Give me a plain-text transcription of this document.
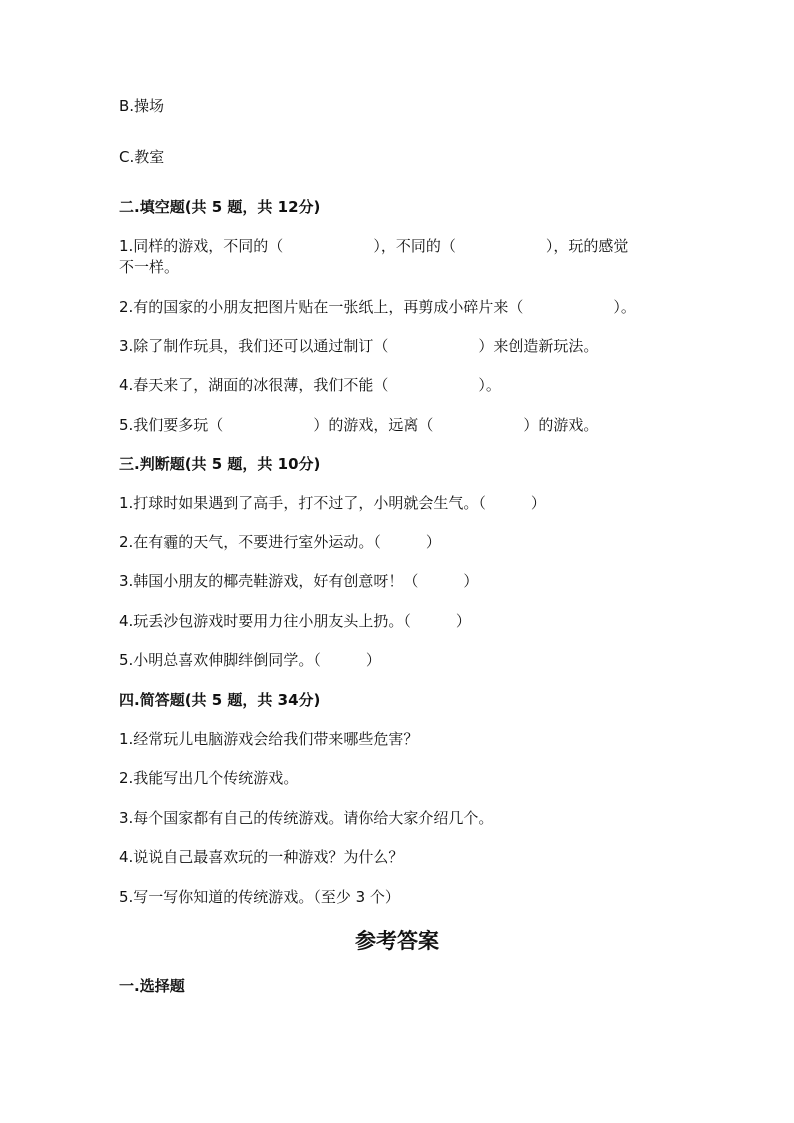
B.操场
C.教室
二.填空题(共 5 题，共 12分)
1.同样的游戏，不同的（　　　　　　），不同的（　　　　　　），玩的感觉
不一样。
2.有的国家的小朋友把图片贴在一张纸上，再剪成小碎片来（　　　　　　）。
3.除了制作玩具，我们还可以通过制订（　　　　　　）来创造新玩法。
4.春天来了，湖面的冰很薄，我们不能（　　　　　　）。
5.我们要多玩（　　　　　　）的游戏，远离（　　　　　　）的游戏。
三.判断题(共 5 题，共 10分)
1.打球时如果遇到了高手，打不过了，小明就会生气。（　　　）
2.在有霾的天气，不要进行室外运动。（　　　）
3.韩国小朋友的椰壳鞋游戏，好有创意呀！（　　　）
4.玩丢沙包游戏时要用力往小朋友头上扔。（　　　）
5.小明总喜欢伸脚绊倒同学。（　　　）
四.简答题(共 5 题，共 34分)
1.经常玩儿电脑游戏会给我们带来哪些危害？
2.我能写出几个传统游戏。
3.每个国家都有自己的传统游戏。请你给大家介绍几个。
4.说说自己最喜欢玩的一种游戏？为什么？
5.写一写你知道的传统游戏。（至少 3 个）
参考答案
一.选择题
